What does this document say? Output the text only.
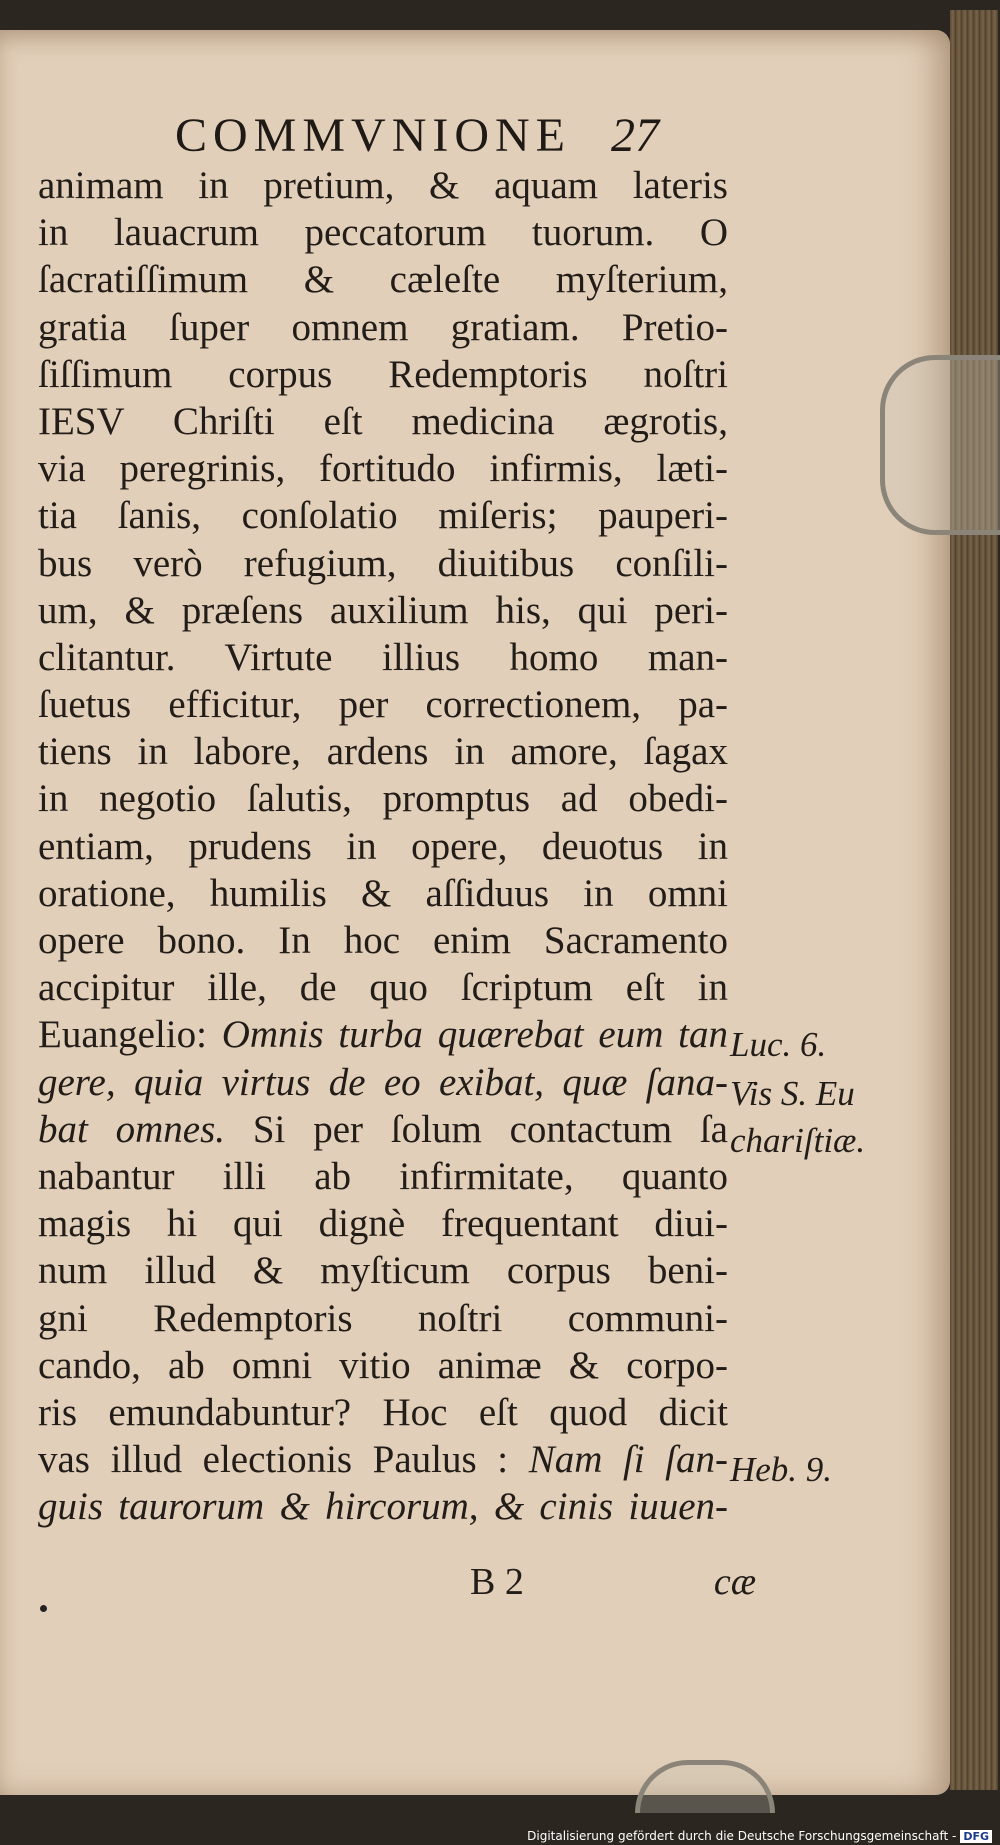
COMMVNIONE 27
animam in pretium, & aquam lateris
in lauacrum peccatorum tuorum. O
ſacratiſſimum & cæleſte myſterium,
gratia ſuper omnem gratiam. Pretio-
ſiſſimum corpus Redemptoris noſtri
IESV Chriſti eſt medicina ægrotis,
via peregrinis, fortitudo infirmis, læti-
tia ſanis, conſolatio miſeris; pauperi-
bus verò refugium, diuitibus conſili-
um, & præſens auxilium his, qui peri-
clitantur. Virtute illius homo man-
ſuetus efficitur, per correctionem, pa-
tiens in labore, ardens in amore, ſagax
in negotio ſalutis, promptus ad obedi-
entiam, prudens in opere, deuotus in
oratione, humilis & aſſiduus in omni
opere bono. In hoc enim Sacramento
accipitur ille, de quo ſcriptum eſt in
Euangelio: Omnis turba quærebat eum tan
gere, quia virtus de eo exibat, quæ ſana-
bat omnes. Si per ſolum contactum ſa
nabantur illi ab infirmitate, quanto
magis hi qui dignè frequentant diui-
num illud & myſticum corpus beni-
gni Redemptoris noſtri communi-
cando, ab omni vitio animæ & corpo-
ris emundabuntur? Hoc eſt quod dicit
vas illud electionis Paulus : Nam ſi ſan-
guis taurorum & hircorum, & cinis iuuen-
Luc. 6.
Vis S. Eu
chariſtiæ.
Heb. 9.
B 2	cæ
Digitalisierung gefördert durch die Deutsche Forschungsgemeinschaft - DFG
